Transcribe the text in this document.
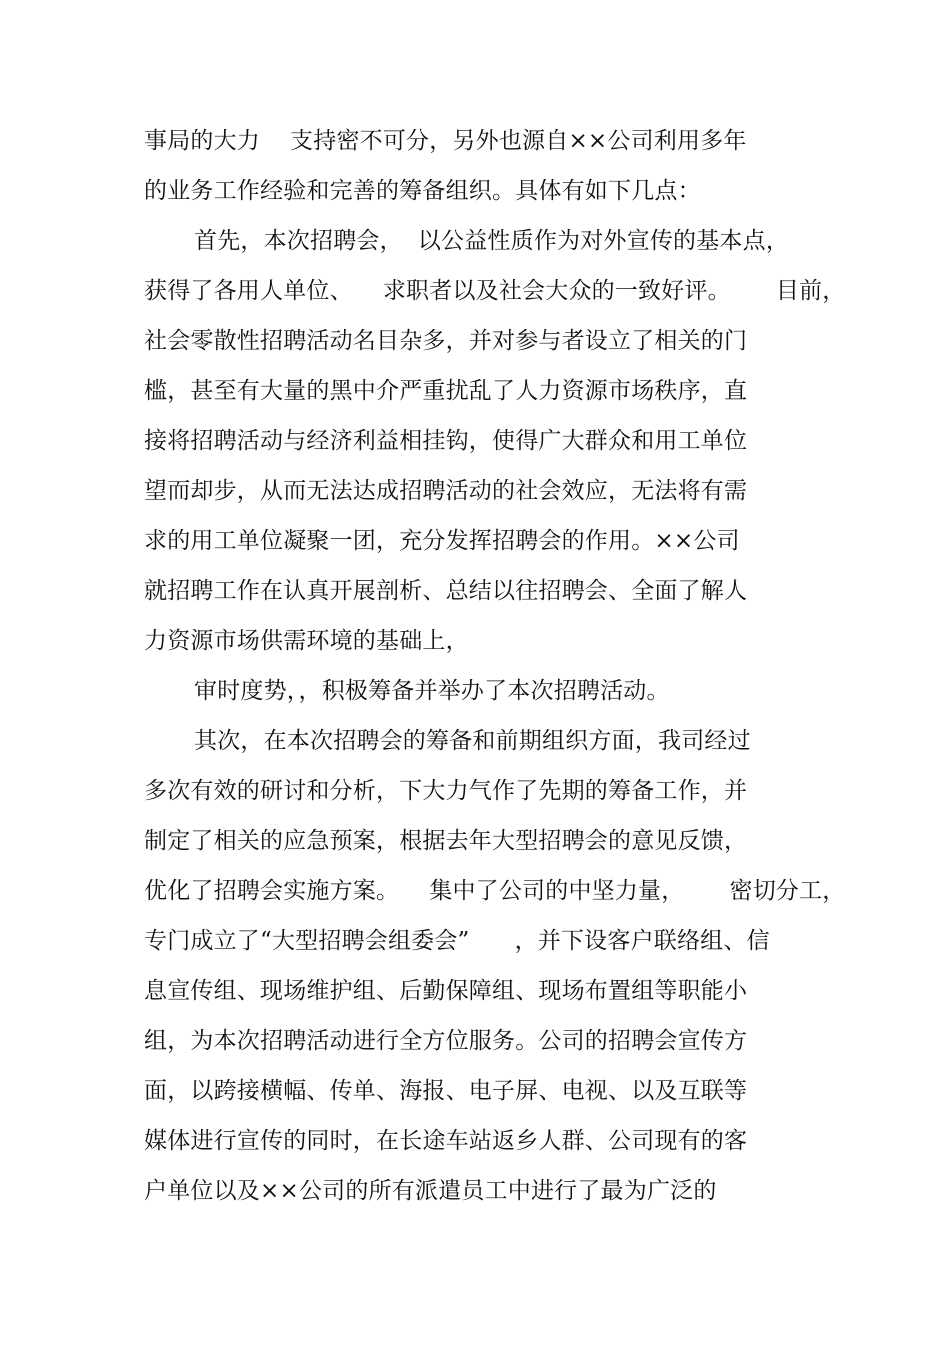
事局的大力    支持密不可分，另外也源自××公司利用多年
的业务工作经验和完善的筹备组织。具体有如下几点：
首先，本次招聘会，  以公益性质作为对外宣传的基本点，
获得了各用人单位、    求职者以及社会大众的一致好评。      目前，
社会零散性招聘活动名目杂多，并对参与者设立了相关的门
槛，甚至有大量的黑中介严重扰乱了人力资源市场秩序，直
接将招聘活动与经济利益相挂钩，使得广大群众和用工单位
望而却步，从而无法达成招聘活动的社会效应，无法将有需
求的用工单位凝聚一团，充分发挥招聘会的作用。××公司
就招聘工作在认真开展剖析、总结以往招聘会、全面了解人
力资源市场供需环境的基础上，
审时度势，，积极筹备并举办了本次招聘活动。
其次，在本次招聘会的筹备和前期组织方面，我司经过
多次有效的研讨和分析，下大力气作了先期的筹备工作，并
制定了相关的应急预案，根据去年大型招聘会的意见反馈，
优化了招聘会实施方案。    集中了公司的中坚力量，      密切分工，
专门成立了“大型招聘会组委会”      ，并下设客户联络组、信
息宣传组、现场维护组、后勤保障组、现场布置组等职能小
组，为本次招聘活动进行全方位服务。公司的招聘会宣传方
面，以跨接横幅、传单、海报、电子屏、电视、以及互联等
媒体进行宣传的同时，在长途车站返乡人群、公司现有的客
户单位以及××公司的所有派遣员工中进行了最为广泛的
